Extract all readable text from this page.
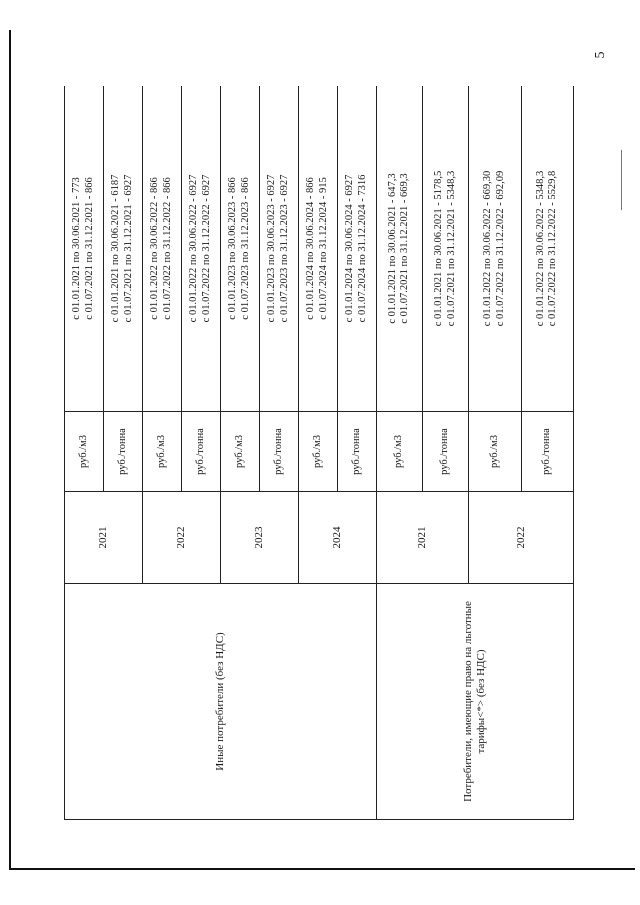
5
Иные потребители (без НДС)	2021	руб./м3	с 01.01.2021 по 30.06.2021 - 773 с 01.07.2021 по 31.12.2021 - 866

		руб./тонна	с 01.01.2021 по 30.06.2021 - 6187 с 01.07.2021 по 31.12.2021 - 6927

	2022	руб./м3	с 01.01.2022 по 30.06.2022 - 866 с 01.07.2022 по 31.12.2022 - 866

		руб./тонна	с 01.01.2022 по 30.06.2022 - 6927 с 01.07.2022 по 31.12.2022 - 6927

	2023	руб./м3	с 01.01.2023 по 30.06.2023 - 866 с 01.07.2023 по 31.12.2023 - 866

		руб./тонна	с 01.01.2023 по 30.06.2023 - 6927 с 01.07.2023 по 31.12.2023 - 6927

	2024	руб./м3	с 01.01.2024 по 30.06.2024 - 866 с 01.07.2024 по 31.12.2024 - 915

		руб./тонна	с 01.01.2024 по 30.06.2024 - 6927 с 01.07.2024 по 31.12.2024 - 7316

Потребители, имеющие право на льготные тарифы<*> (без НДС)	2021	руб./м3	с 01.01.2021 по 30.06.2021 - 647,3 с 01.07.2021 по 31.12.2021 - 669,3

		руб./тонна	с 01.01.2021 по 30.06.2021 - 5178,5 с 01.07.2021 по 31.12.2021 - 5348,3

	2022	руб./м3	с 01.01.2022 по 30.06.2022 - 669,30 с 01.07.2022 по 31.12.2022 - 692,09

		руб./тонна	с 01.01.2022 по 30.06.2022 - 5348,3 с 01.07.2022 по 31.12.2022 - 5529,8
